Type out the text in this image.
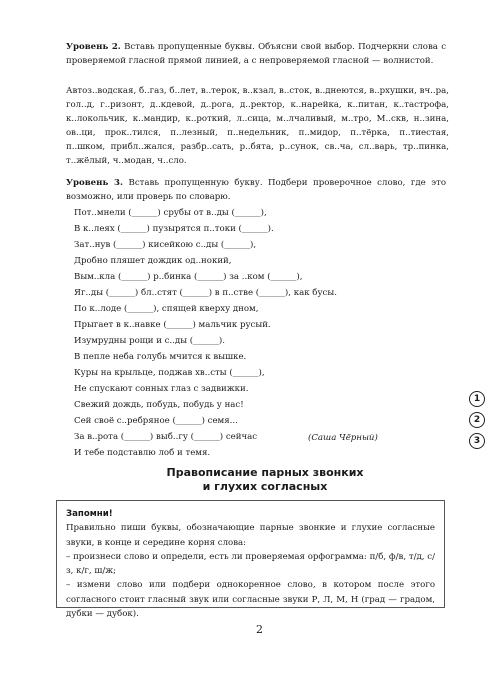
Уровень 2. Вставь пропущенные буквы. Объясни свой выбор. Подчеркни слова с проверяемой гласной прямой линией, а с непроверяемой гласной — волнистой.
Автоз..водская, б..газ, б..лет, в..терок, в..кзал, в..сток, в..днеются, в..рхушки, вч..ра, гол..д, г..ризонт, д..кдевой, д..рога, д..ректор, к..нарейка, к..питан, к..тастрофа, к..локольчик, к..мандир, к..роткий, л..сица, м..лчаливый, м..тро, М..скв, н..зина, ов..ци, прок..тился, п..лезный, п..недельник, п..мидор, п..тёрка, п..тиестая, п..шком, прибл..жался, разбр..сать, р..бята, р..сунок, св..ча, сл..варь, тр..пинка, т..жёлый, ч..модан, ч..сло.
Уровень 3. Вставь пропущенную букву. Подбери проверочное слово, где это возможно, или проверь по словарю.
Пот..мнели (______) срубы от в..ды (______),
В к..леях (______) пузырятся п..токи (______).
Зат..нув (______) кисейкою с..ды (______),
Дробно пляшет дождик од..нокий,
Вым..кла (______) р..бинка (______) за ..ком (______),
Яг..ды (______) бл..стят (______) в п..стве (______), как бусы.
По к..лоде (______), спящей кверху дном,
Прыгает в к..навке (______) мальчик русый.
Изумрудны рощи и с..ды (______).
В пепле неба голубь мчится к вышке.
Куры на крыльце, поджав хв..сты (______),
Не спускают сонных глаз с задвижки.
Свежий дождь, побудь, побудь у нас!
Сей своё с..ребряное (______) семя...
За в..рота (______) выб..гу (______) сейчас
И тебе подставлю лоб и темя.
(Саша Чёрный)
1
2
3
Правописание парных звонких
и глухих согласных
Запомни!
Правильно пиши буквы, обозначающие парные звонкие и глухие согласные звуки, в конце и середине корня слова:
– произнеси слово и определи, есть ли проверяемая орфограмма: п/б, ф/в, т/д, с/з, к/г, ш/ж;
– измени слово или подбери однокоренное слово, в котором после этого согласного стоит гласный звук или согласные звуки Р, Л, М, Н (град — градом, дубки — дубок).
2
